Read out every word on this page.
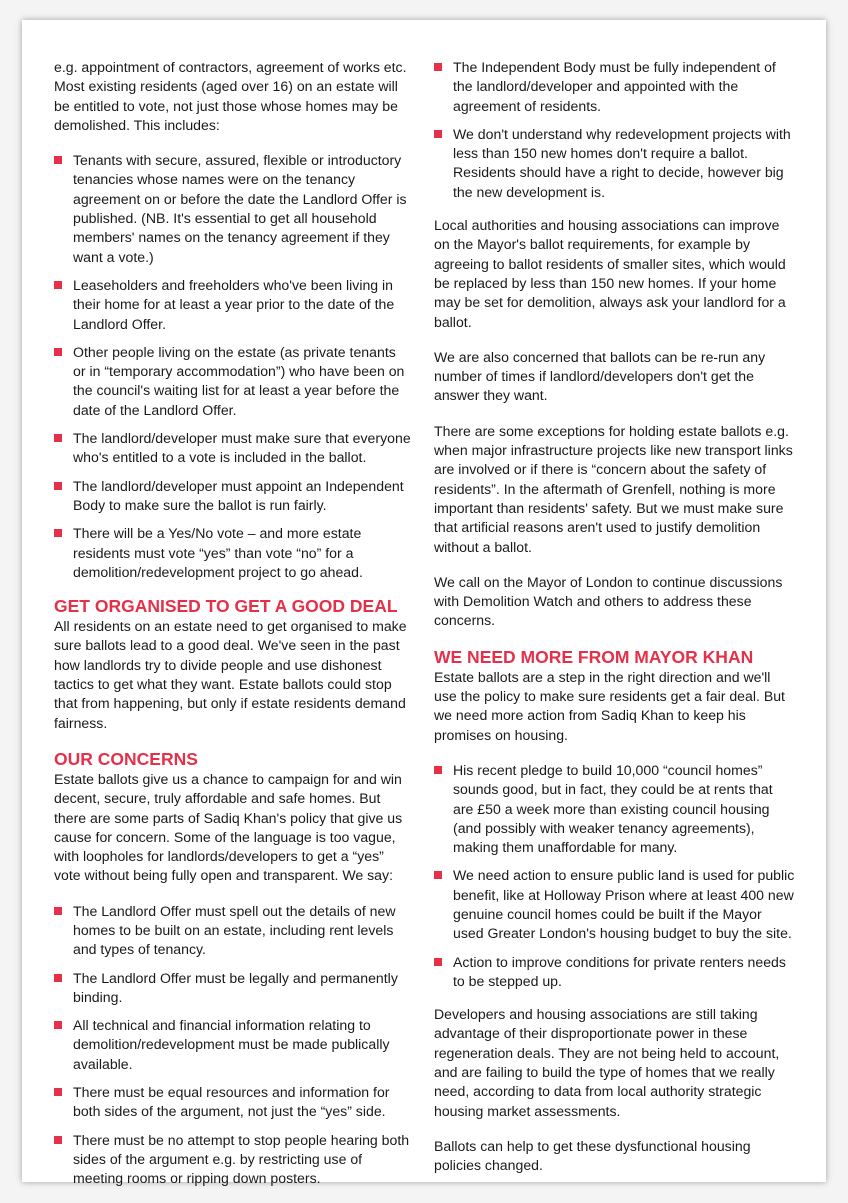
e.g. appointment of contractors, agreement of works etc. Most existing residents (aged over 16) on an estate will be entitled to vote, not just those whose homes may be demolished. This includes:

Tenants with secure, assured, flexible or introductory tenancies whose names were on the tenancy agreement on or before the date the Landlord Offer is published. (NB. It's essential to get all household members' names on the tenancy agreement if they want a vote.)
Leaseholders and freeholders who've been living in their home for at least a year prior to the date of the Landlord Offer.
Other people living on the estate (as private tenants or in “temporary accommodation”) who have been on the council's waiting list for at least a year before the date of the Landlord Offer.
The landlord/developer must make sure that everyone who's entitled to a vote is included in the ballot.
The landlord/developer must appoint an Independent Body to make sure the ballot is run fairly.
There will be a Yes/No vote – and more estate residents must vote “yes” than vote “no” for a demolition/redevelopment project to go ahead.
GET ORGANISED TO GET A GOOD DEAL

All residents on an estate need to get organised to make sure ballots lead to a good deal. We've seen in the past how landlords try to divide people and use dishonest tactics to get what they want. Estate ballots could stop that from happening, but only if estate residents demand fairness.

OUR CONCERNS

Estate ballots give us a chance to campaign for and win decent, secure, truly affordable and safe homes. But there are some parts of Sadiq Khan's policy that give us cause for concern. Some of the language is too vague, with loopholes for landlords/developers to get a “yes” vote without being fully open and transparent. We say:

The Landlord Offer must spell out the details of new homes to be built on an estate, including rent levels and types of tenancy.
The Landlord Offer must be legally and permanently binding.
All technical and financial information relating to demolition/redevelopment must be made publically available.
There must be equal resources and information for both sides of the argument, not just the “yes” side.
There must be no attempt to stop people hearing both sides of the argument e.g. by restricting use of meeting rooms or ripping down posters.
The Independent Body must be fully independent of the landlord/developer and appointed with the agreement of residents.
We don't understand why redevelopment projects with less than 150 new homes don't require a ballot. Residents should have a right to decide, however big the new development is.

Local authorities and housing associations can improve on the Mayor's ballot requirements, for example by agreeing to ballot residents of smaller sites, which would be replaced by less than 150 new homes. If your home may be set for demolition, always ask your landlord for a ballot.

We are also concerned that ballots can be re-run any number of times if landlord/developers don't get the answer they want.

There are some exceptions for holding estate ballots e.g. when major infrastructure projects like new transport links are involved or if there is “concern about the safety of residents”. In the aftermath of Grenfell, nothing is more important than residents' safety. But we must make sure that artificial reasons aren't used to justify demolition without a ballot.

We call on the Mayor of London to continue discussions with Demolition Watch and others to address these concerns.

WE NEED MORE FROM MAYOR KHAN

Estate ballots are a step in the right direction and we'll use the policy to make sure residents get a fair deal. But we need more action from Sadiq Khan to keep his promises on housing.

His recent pledge to build 10,000 “council homes” sounds good, but in fact, they could be at rents that are £50 a week more than existing council housing (and possibly with weaker tenancy agreements), making them unaffordable for many.
We need action to ensure public land is used for public benefit, like at Holloway Prison where at least 400 new genuine council homes could be built if the Mayor used Greater London's housing budget to buy the site.
Action to improve conditions for private renters needs to be stepped up.

Developers and housing associations are still taking advantage of their disproportionate power in these regeneration deals. They are not being held to account, and are failing to build the type of homes that we really need, according to data from local authority strategic housing market assessments.

Ballots can help to get these dysfunctional housing policies changed.
